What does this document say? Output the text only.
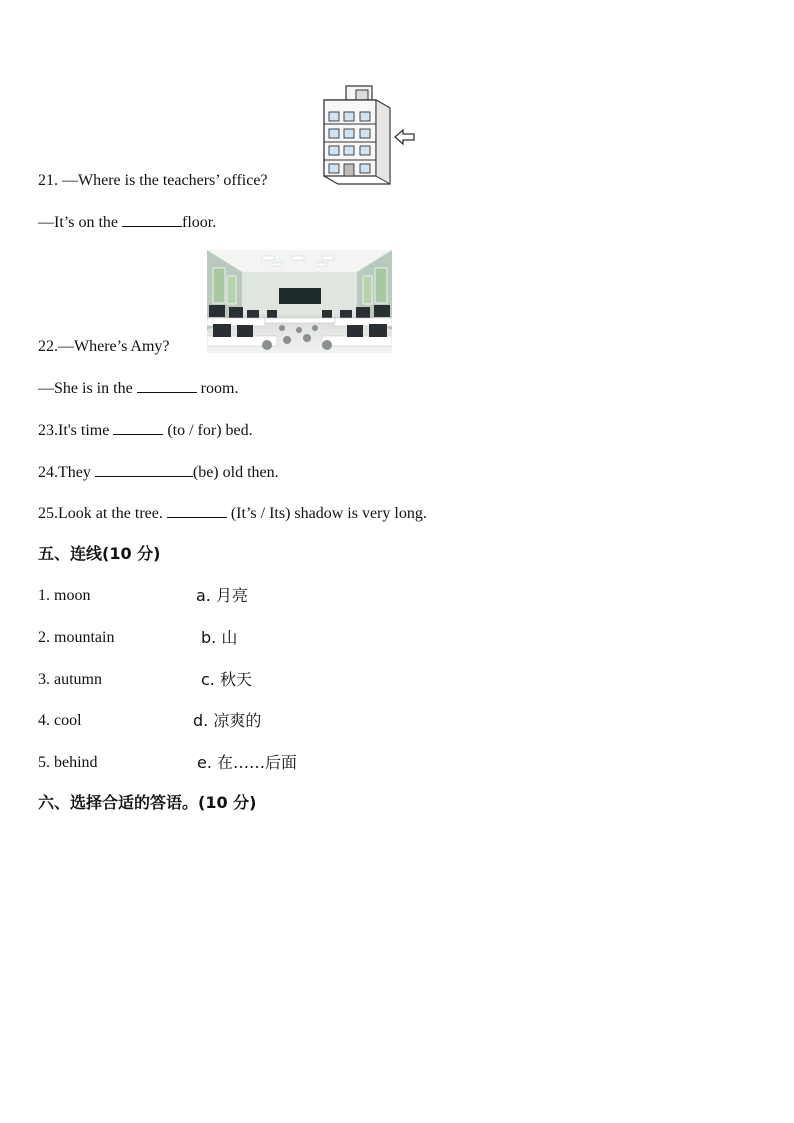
21. —Where is the teachers’ office?
—It’s on the	floor.
22.—Where’s Amy?
—She is in the	room.
23.It's time	(to / for) bed.
24.They	(be) old then.
25.Look at the tree.	(It’s / Its) shadow is very long.
五、连线(10 分)
1. moon	a. 月亮
2. mountain	b. 山
3. autumn	c. 秋天
4. cool	d. 凉爽的
5. behind	e. 在……后面
六、选择合适的答语。(10 分)
